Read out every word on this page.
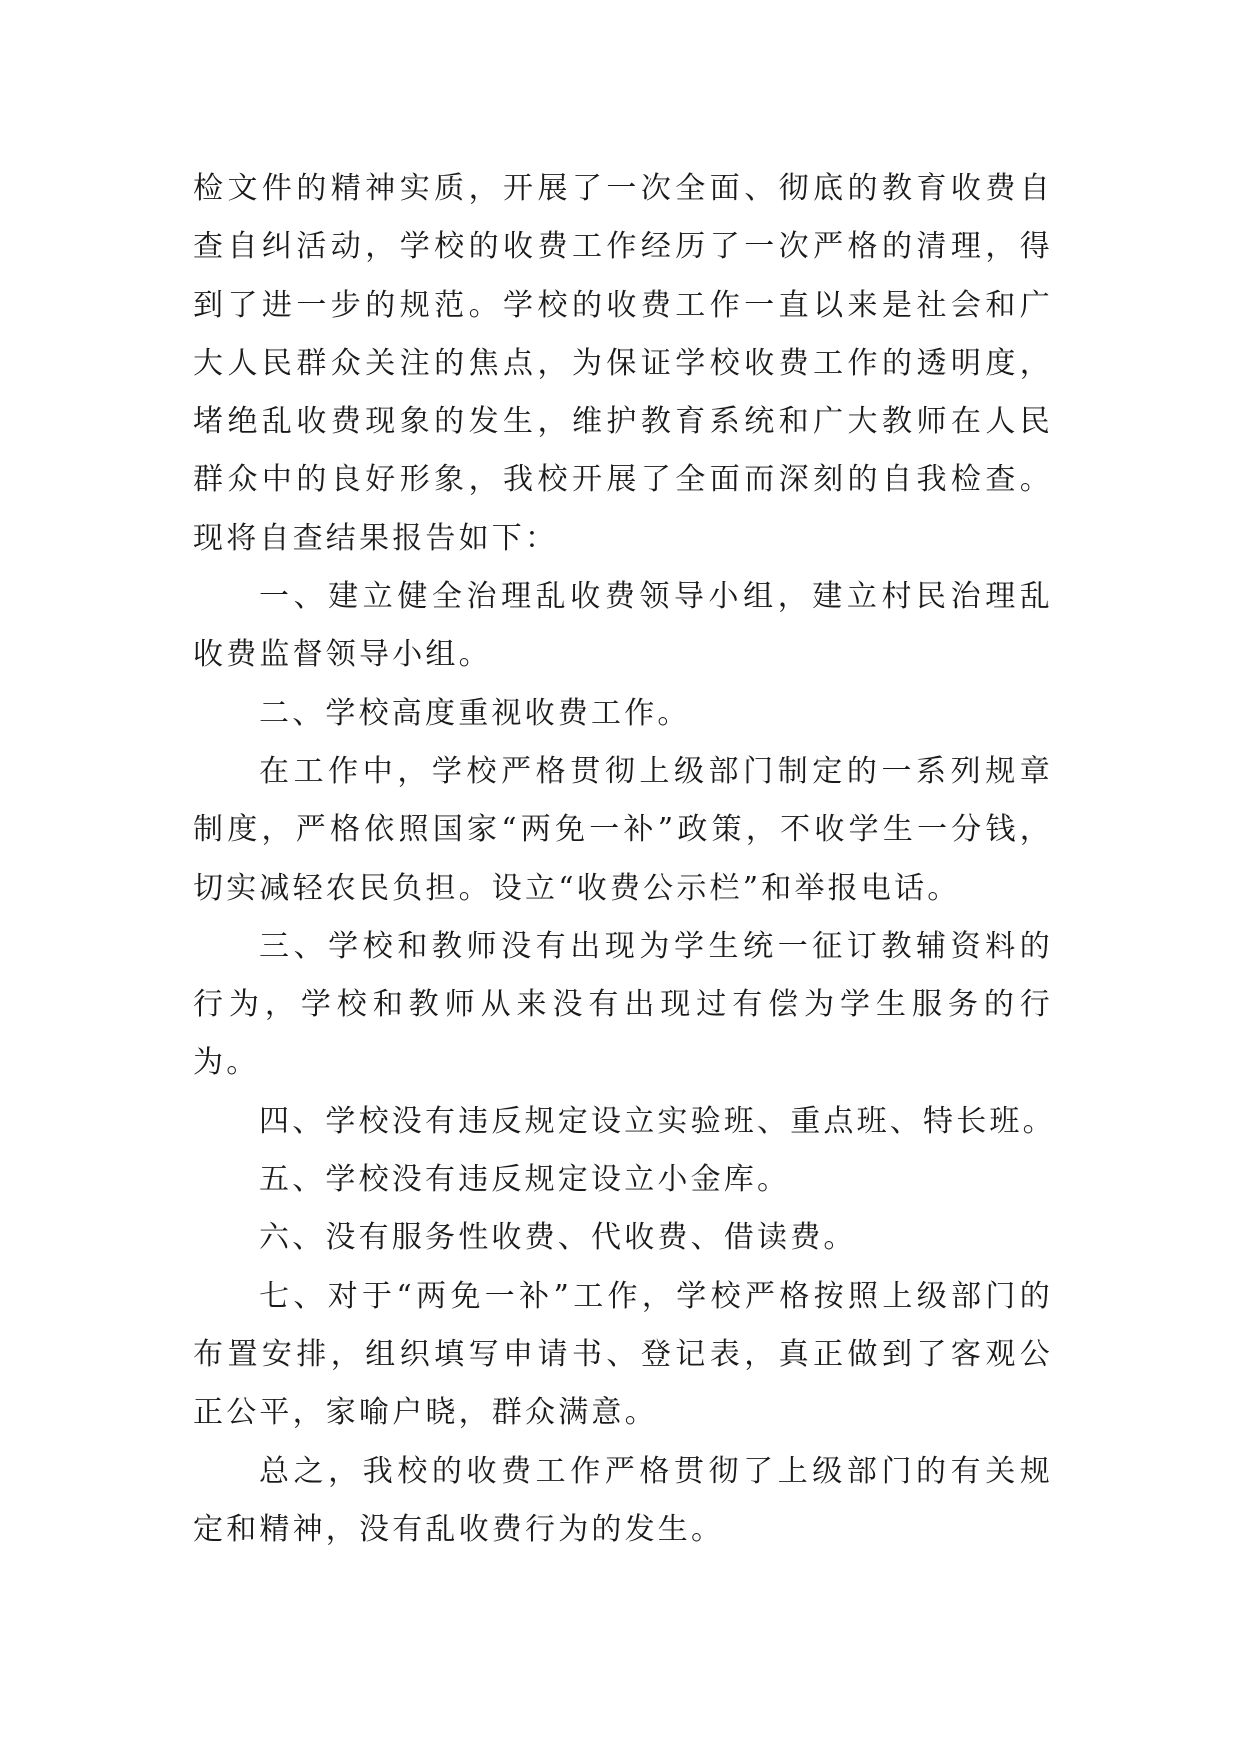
检文件的精神实质，开展了一次全面、彻底的教育收费自查自纠活动，学校的收费工作经历了一次严格的清理，得到了进一步的规范。学校的收费工作一直以来是社会和广大人民群众关注的焦点，为保证学校收费工作的透明度，堵绝乱收费现象的发生，维护教育系统和广大教师在人民群众中的良好形象，我校开展了全面而深刻的自我检查。现将自查结果报告如下：

一、建立健全治理乱收费领导小组，建立村民治理乱收费监督领导小组。

二、学校高度重视收费工作。

在工作中，学校严格贯彻上级部门制定的一系列规章制度，严格依照国家“两免一补”政策，不收学生一分钱，切实减轻农民负担。设立“收费公示栏”和举报电话。

三、学校和教师没有出现为学生统一征订教辅资料的行为，学校和教师从来没有出现过有偿为学生服务的行为。

四、学校没有违反规定设立实验班、重点班、特长班。

五、学校没有违反规定设立小金库。

六、没有服务性收费、代收费、借读费。

七、对于“两免一补”工作，学校严格按照上级部门的布置安排，组织填写申请书、登记表，真正做到了客观公正公平，家喻户晓，群众满意。

总之，我校的收费工作严格贯彻了上级部门的有关规定和精神，没有乱收费行为的发生。
